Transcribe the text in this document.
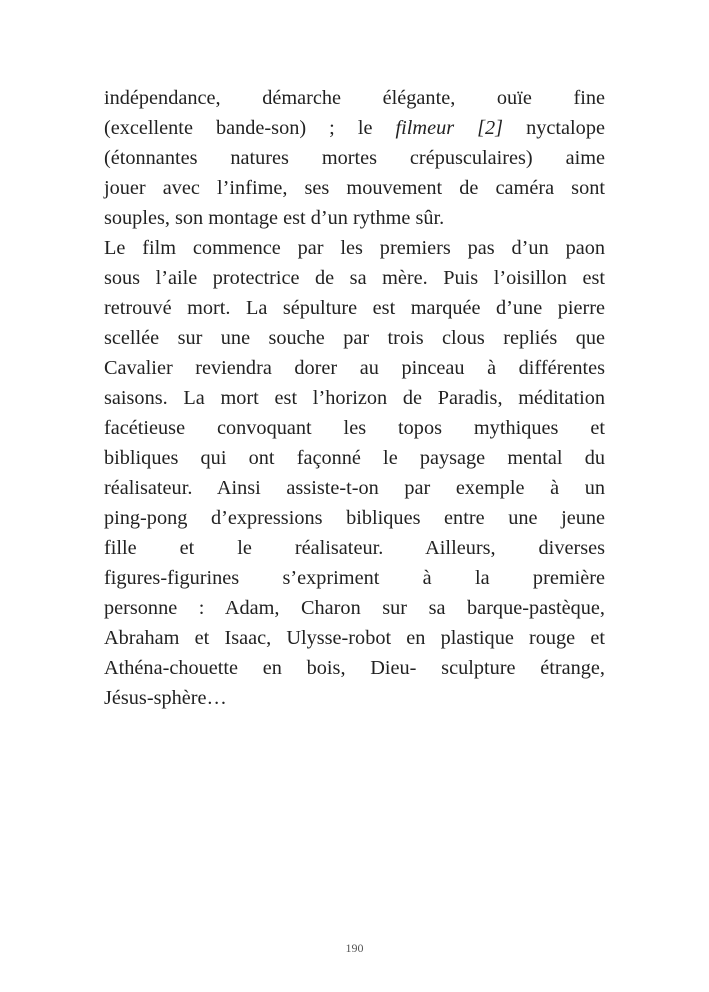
indépendance, démarche élégante, ouïe fine
(excellente bande-son) ; le filmeur [2] nyctalope
(étonnantes natures mortes crépusculaires) aime
jouer avec l’infime, ses mouvement de caméra sont
souples, son montage est d’un rythme sûr.
Le film commence par les premiers pas d’un paon
sous l’aile protectrice de sa mère. Puis l’oisillon est
retrouvé mort. La sépulture est marquée d’une pierre
scellée sur une souche par trois clous repliés que
Cavalier reviendra dorer au pinceau à différentes
saisons. La mort est l’horizon de Paradis, méditation
facétieuse convoquant les topos mythiques et
bibliques qui ont façonné le paysage mental du
réalisateur. Ainsi assiste-t-on par exemple à un
ping-pong d’expressions bibliques entre une jeune
fille et le réalisateur. Ailleurs, diverses
figures-figurines s’expriment à la première
personne : Adam, Charon sur sa barque-pastèque,
Abraham et Isaac, Ulysse-robot en plastique rouge et
Athéna-chouette en bois, Dieu- sculpture étrange,
Jésus-sphère…
190
